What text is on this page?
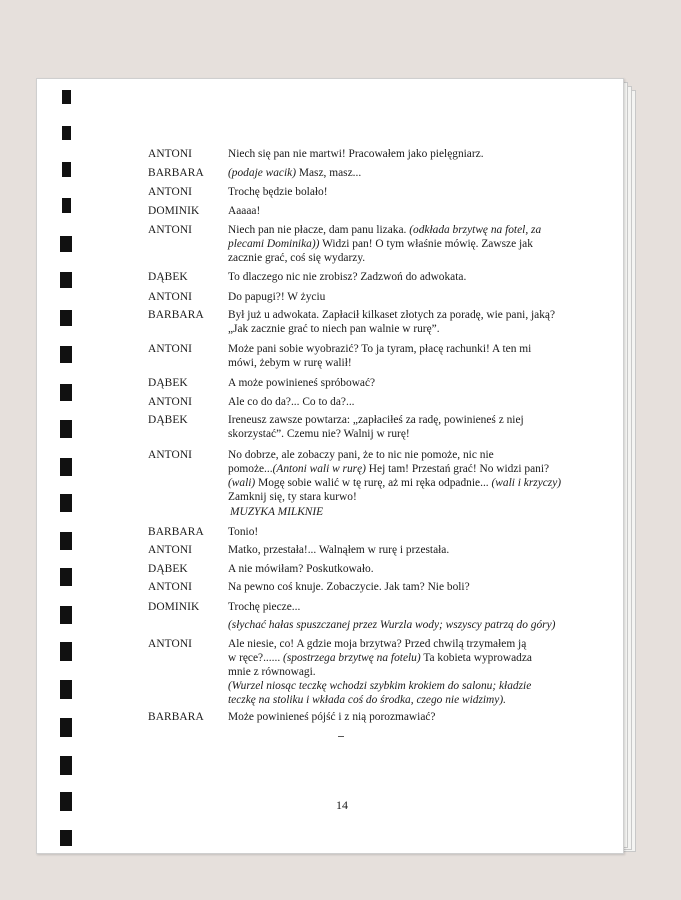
ANTONI	Niech się pan nie martwi! Pracowałem jako pielęgniarz.
BARBARA	(podaje wacik) Masz, masz...
ANTONI	Trochę będzie bolało!
DOMINIK	Aaaaa!
ANTONI	Niech pan nie płacze, dam panu lizaka. (odkłada brzytwę na fotel, za
plecami Dominika)) Widzi pan! O tym właśnie mówię. Zawsze jak
zacznie grać, coś się wydarzy.
DĄBEK	To dlaczego nic nie zrobisz? Zadzwoń do adwokata.
ANTONI	Do papugi?! W życiu
BARBARA	Był już u adwokata. Zapłacił kilkaset złotych za poradę, wie pani, jaką?
„Jak zacznie grać to niech pan walnie w rurę”.
ANTONI	Może pani sobie wyobrazić? To ja tyram, płacę rachunki! A ten mi
mówi, żebym w rurę walił!
DĄBEK	A może powinieneś spróbować?
ANTONI	Ale co do da?... Co to da?...
DĄBEK	Ireneusz zawsze powtarza: „zapłaciłeś za radę, powinieneś z niej
skorzystać”. Czemu nie? Walnij w rurę!
ANTONI	No dobrze, ale zobaczy pani, że to nic nie pomoże, nic nie
pomoże...(Antoni wali w rurę) Hej tam! Przestań grać! No widzi pani?
(wali) Mogę sobie walić w tę rurę, aż mi ręka odpadnie... (wali i krzyczy)
Zamknij się, ty stara kurwo!
MUZYKA MILKNIE
BARBARA	Tonio!
ANTONI	Matko, przestała!... Walnąłem w rurę i przestała.
DĄBEK	A nie mówiłam? Poskutkowało.
ANTONI	Na pewno coś knuje. Zobaczycie. Jak tam? Nie boli?
DOMINIK	Trochę piecze...
(słychać hałas spuszczanej przez Wurzla wody; wszyscy patrzą do góry)
ANTONI	Ale niesie, co! A gdzie moja brzytwa? Przed chwilą trzymałem ją
w ręce?...... (spostrzega brzytwę na fotelu) Ta kobieta wyprowadza
mnie z równowagi.
(Wurzel niosąc teczkę wchodzi szybkim krokiem do salonu; kładzie
teczkę na stoliku i wkłada coś do środka, czego nie widzimy).
BARBARA	Może powinieneś pójść i z nią porozmawiać?
14
